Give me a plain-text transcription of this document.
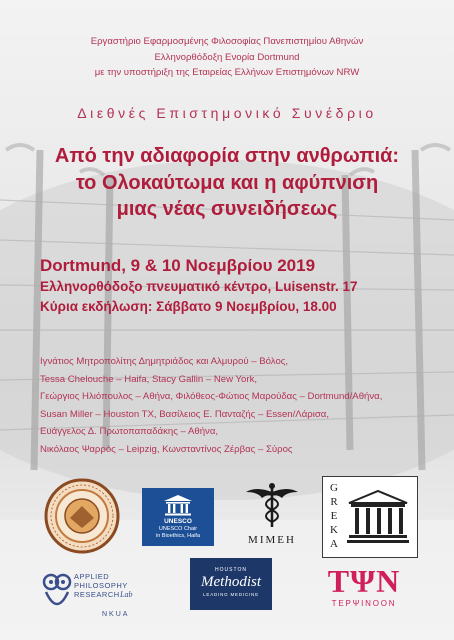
Εργαστήριο Εφαρμοσμένης Φιλοσοφίας Πανεπιστημίου Αθηνών
Ελληνορθόδοξη Ενορία Dortmund
με την υποστήριξη της Εταιρείας Ελλήνων Επιστημόνων NRW
Διεθνές Επιστημονικό Συνέδριο
Από την αδιαφορία στην ανθρωπιά:
το Ολοκαύτωμα και η αφύπνιση
μιας νέας συνειδήσεως
Dortmund, 9 & 10 Νοεμβρίου 2019
Ελληνορθόδοξο πνευματικό κέντρο, Luisenstr. 17
Κύρια εκδήλωση: Σάββατο 9 Νοεμβρίου, 18.00
Ιγνάτιος Μητροπολίτης Δημητριάδος και Αλμυρού – Βόλος,
Tessa Chelouche – Haifa, Stacy Gallin – New York,
Γεώργιος Ηλιόπουλος – Αθήνα, Φιλόθεος-Φώτιος Μαρούδας – Dortmund/Αθήνα,
Susan Miller – Houston TX, Βασίλειος Ε. Πανταζής – Essen/Λάρισα,
Ευάγγελος Δ. Πρωτοπαπαδάκης – Αθήνα,
Νικόλαος Ψαρρός – Leipzig, Κωνσταντίνος Ζέρβας – Σύρος
UNESCO
UNESCO Chair
in Bioethics, Haifa	ΜΙΜΕΗ
GREKA
APPLIED
PHILOSOPHY
RESEARCH Lab
NKUA
HOUSTON
Methodist
LEADING MEDICINE	ΤΨΝ
ΤΕΡΨΙΝΟΟΝ
